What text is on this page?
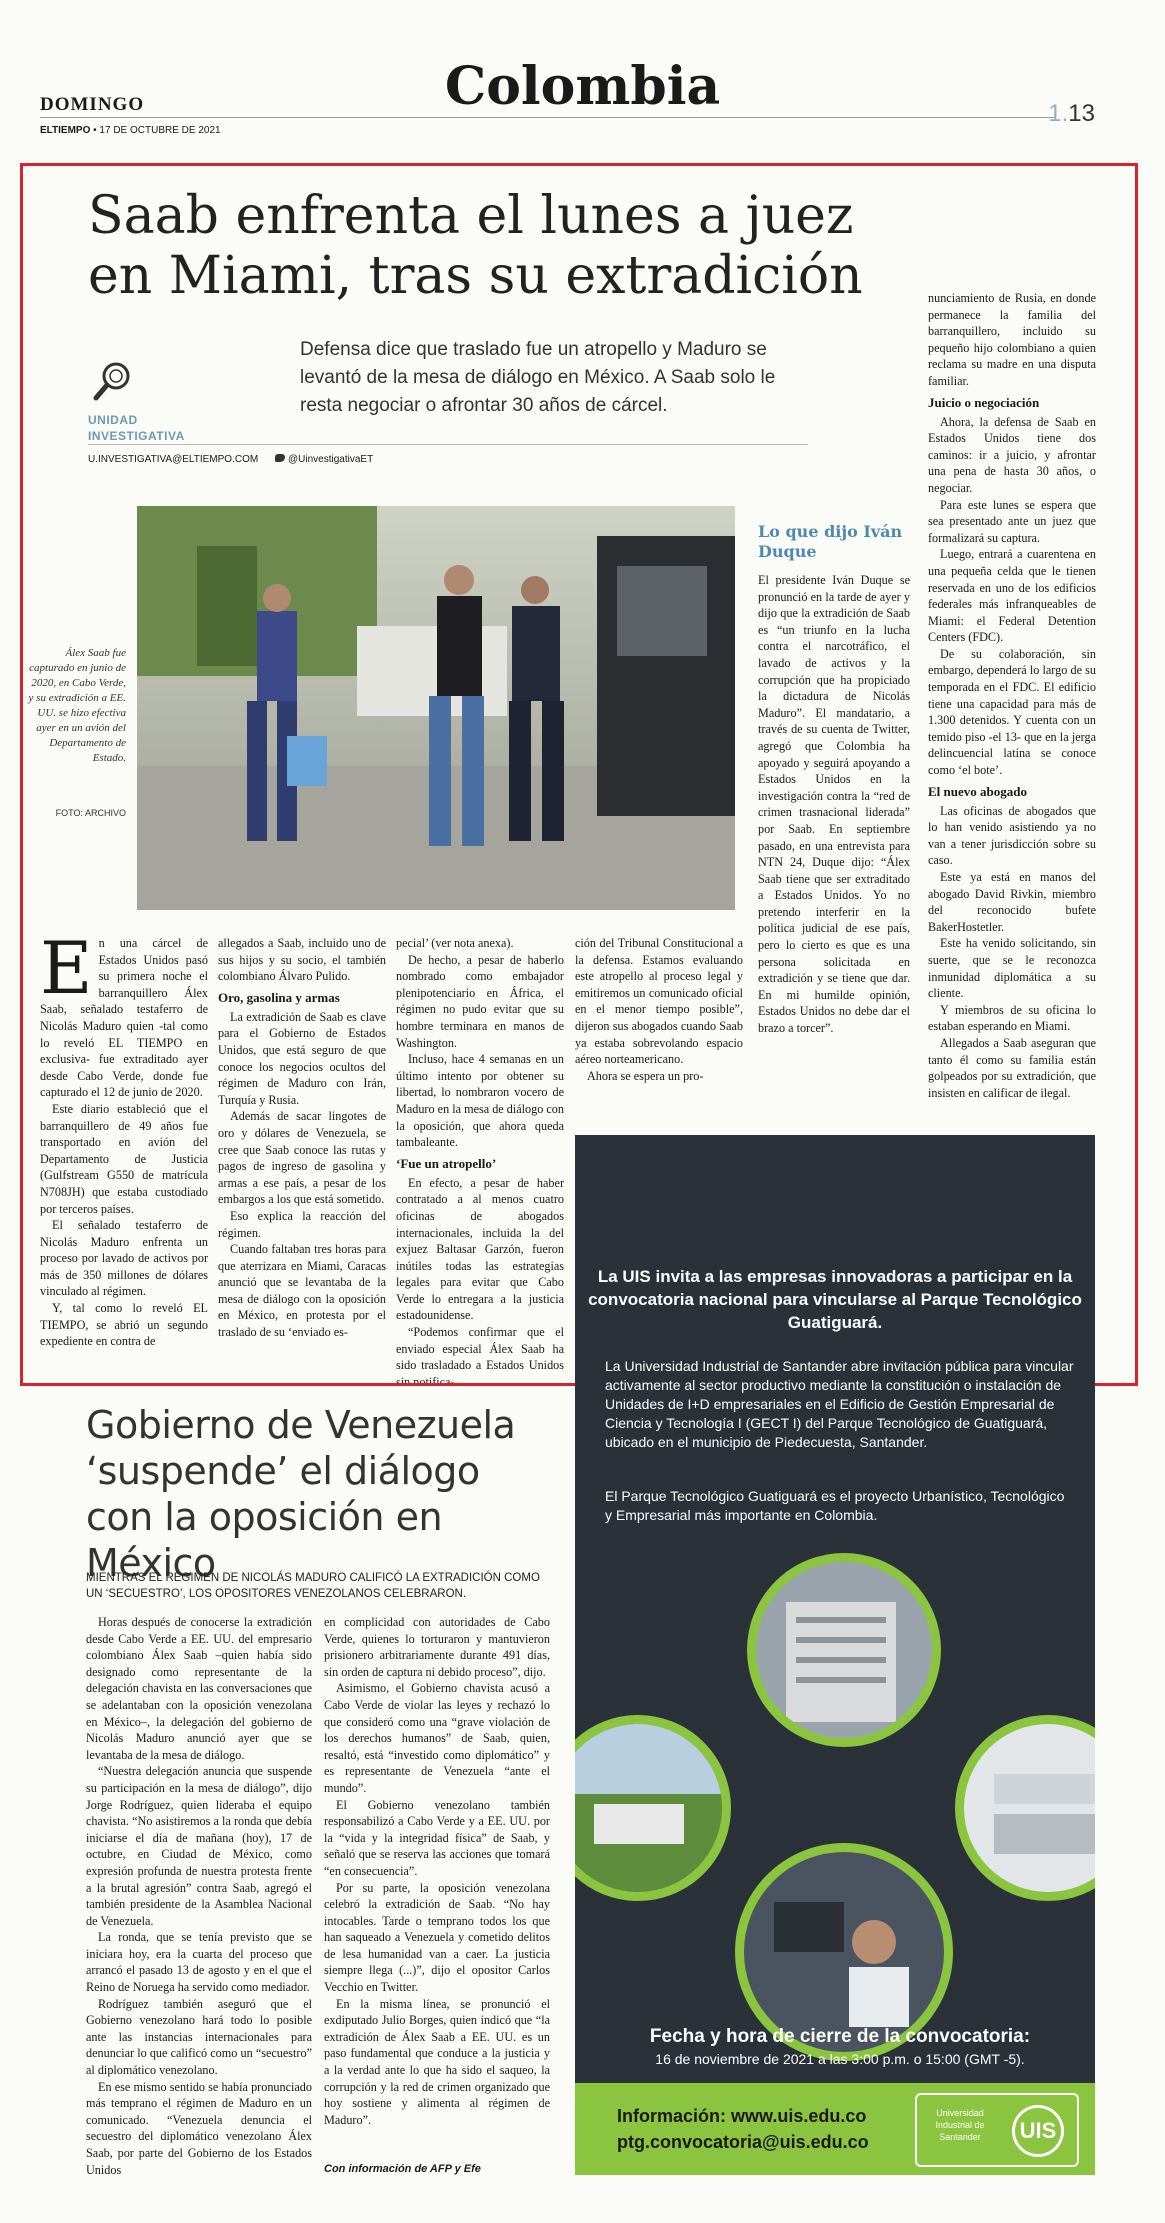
Colombia
DOMINGO	1.13
ELTIEMPO • 17 DE OCTUBRE DE 2021
Saab enfrenta el lunes a juez en Miami, tras su extradición
Defensa dice que traslado fue un atropello y Maduro se levantó de la mesa de diálogo en México. A Saab solo le resta negociar o afrontar 30 años de cárcel.
UNIDAD INVESTIGATIVA
U.INVESTIGATIVA@ELTIEMPO.COM	@UinvestigativaET
Álex Saab fue capturado en junio de 2020, en Cabo Verde, y su extradición a EE. UU. se hizo efectiva ayer en un avión del Departamento de Estado.
FOTO: ARCHIVO
Lo que dijo Iván Duque
El presidente Iván Duque se pronunció en la tarde de ayer y dijo que la extradición de Saab es “un triunfo en la lucha contra el narcotráfico, el lavado de activos y la corrupción que ha propiciado la dictadura de Nicolás Maduro”. El mandatario, a través de su cuenta de Twitter, agregó que Colombia ha apoyado y seguirá apoyando a Estados Unidos en la investigación contra la “red de crimen trasnacional liderada” por Saab. En septiembre pasado, en una entrevista para NTN 24, Duque dijo: “Álex Saab tiene que ser extraditado a Estados Unidos. Yo no pretendo interferir en la política judicial de ese país, pero lo cierto es que es una persona solicitada en extradición y se tiene que dar. En mi humilde opinión, Estados Unidos no debe dar el brazo a torcer”.
E n una cárcel de Estados Unidos pasó su primera noche el barranquillero Álex Saab, señalado testaferro de Nicolás Maduro quien -tal como lo reveló EL TIEMPO en exclusiva- fue extraditado ayer desde Cabo Verde, donde fue capturado el 12 de junio de 2020.

Este diario estableció que el barranquillero de 49 años fue transportado en avión del Departamento de Justicia (Gulfstream G550 de matrícula N708JH) que estaba custodiado por terceros países.

El señalado testaferro de Nicolás Maduro enfrenta un proceso por lavado de activos por más de 350 millones de dólares vinculado al régimen.

Y, tal como lo reveló EL TIEMPO, se abrió un segundo expediente en contra de

allegados a Saab, incluido uno de sus hijos y su socio, el también colombiano Álvaro Pulido.

Oro, gasolina y armas

La extradición de Saab es clave para el Gobierno de Estados Unidos, que está seguro de que conoce los negocios ocultos del régimen de Maduro con Irán, Turquía y Rusia.

Además de sacar lingotes de oro y dólares de Venezuela, se cree que Saab conoce las rutas y pagos de ingreso de gasolina y armas a ese país, a pesar de los embargos a los que está sometido.

Eso explica la reacción del régimen.

Cuando faltaban tres horas para que aterrizara en Miami, Caracas anunció que se levantaba de la mesa de diálogo con la oposición en México, en protesta por el traslado de su ‘enviado es-

pecial’ (ver nota anexa).

De hecho, a pesar de haberlo nombrado como embajador plenipotenciario en África, el régimen no pudo evitar que su hombre terminara en manos de Washington.

Incluso, hace 4 semanas en un último intento por obtener su libertad, lo nombraron vocero de Maduro en la mesa de diálogo con la oposición, que ahora queda tambaleante.

‘Fue un atropello’

En efecto, a pesar de haber contratado a al menos cuatro oficinas de abogados internacionales, incluida la del exjuez Baltasar Garzón, fueron inútiles todas las estrategias legales para evitar que Cabo Verde lo entregara a la justicia estadounidense.

“Podemos confirmar que el enviado especial Álex Saab ha sido trasladado a Estados Unidos sin notifica-

ción del Tribunal Constitucional a la defensa. Estamos evaluando este atropello al proceso legal y emitiremos un comunicado oficial en el menor tiempo posible”, dijeron sus abogados cuando Saab ya estaba sobrevolando espacio aéreo norteamericano.

Ahora se espera un pro-

nunciamiento de Rusia, en donde permanece la familia del barranquillero, incluido su pequeño hijo colombiano a quien reclama su madre en una disputa familiar.

Juicio o negociación

Ahora, la defensa de Saab en Estados Unidos tiene dos caminos: ir a juicio, y afrontar una pena de hasta 30 años, o negociar.

Para este lunes se espera que sea presentado ante un juez que formalizará su captura.

Luego, entrará a cuarentena en una pequeña celda que le tienen reservada en uno de los edificios federales más infranqueables de Miami: el Federal Detention Centers (FDC).

De su colaboración, sin embargo, dependerá lo largo de su temporada en el FDC. El edificio tiene una capacidad para más de 1.300 detenidos. Y cuenta con un temido piso -el 13- que en la jerga delincuencial latina se conoce como ‘el bote’.

El nuevo abogado

Las oficinas de abogados que lo han venido asistiendo ya no van a tener jurisdicción sobre su caso.

Este ya está en manos del abogado David Rivkin, miembro del reconocido bufete BakerHostetler.

Este ha venido solicitando, sin suerte, que se le reconozca inmunidad diplomática a su cliente.

Y miembros de su oficina lo estaban esperando en Miami.

Allegados a Saab aseguran que tanto él como su familia están golpeados por su extradición, que insisten en calificar de ilegal.

Gobierno de Venezuela ‘suspende’ el diálogo con la oposición en México
MIENTRAS EL RÉGIMEN DE NICOLÁS MADURO CALIFICÓ LA EXTRADICIÓN COMO UN ‘SECUESTRO’, LOS OPOSITORES VENEZOLANOS CELEBRARON.

Horas después de conocerse la extradición desde Cabo Verde a EE. UU. del empresario colombiano Álex Saab –quien había sido designado como representante de la delegación chavista en las conversaciones que se adelantaban con la oposición venezolana en México–, la delegación del gobierno de Nicolás Maduro anunció ayer que se levantaba de la mesa de diálogo.

“Nuestra delegación anuncia que suspende su participación en la mesa de diálogo”, dijo Jorge Rodríguez, quien lideraba el equipo chavista. “No asistiremos a la ronda que debía iniciarse el día de mañana (hoy), 17 de octubre, en Ciudad de México, como expresión profunda de nuestra protesta frente a la brutal agresión” contra Saab, agregó el también presidente de la Asamblea Nacional de Venezuela.

La ronda, que se tenía previsto que se iniciara hoy, era la cuarta del proceso que arrancó el pasado 13 de agosto y en el que el Reino de Noruega ha servido como mediador.

Rodríguez también aseguró que el Gobierno venezolano hará todo lo posible ante las instancias internacionales para denunciar lo que calificó como un “secuestro” al diplomático venezolano.

En ese mismo sentido se había pronunciado más temprano el régimen de Maduro en un comunicado. “Venezuela denuncia el secuestro del diplomático venezolano Álex Saab, por parte del Gobierno de los Estados Unidos

en complicidad con autoridades de Cabo Verde, quienes lo torturaron y mantuvieron prisionero arbitrariamente durante 491 días, sin orden de captura ni debido proceso”, dijo.

Asimismo, el Gobierno chavista acusó a Cabo Verde de violar las leyes y rechazó lo que consideró como una “grave violación de los derechos humanos” de Saab, quien, resaltó, está “investido como diplomático” y es representante de Venezuela “ante el mundo”.

El Gobierno venezolano también responsabilizó a Cabo Verde y a EE. UU. por la “vida y la integridad física” de Saab, y señaló que se reserva las acciones que tomará “en consecuencia”.

Por su parte, la oposición venezolana celebró la extradición de Saab. “No hay intocables. Tarde o temprano todos los que han saqueado a Venezuela y cometido delitos de lesa humanidad van a caer. La justicia siempre llega (...)”, dijo el opositor Carlos Vecchio en Twitter.

En la misma línea, se pronunció el exdiputado Julio Borges, quien indicó que “la extradición de Álex Saab a EE. UU. es un paso fundamental que conduce a la justicia y a la verdad ante lo que ha sido el saqueo, la corrupción y la red de crimen organizado que hoy sostiene y alimenta al régimen de Maduro”.

Con información de AFP y Efe
La UIS invita a las empresas innovadoras a participar en la convocatoria nacional para vincularse al Parque Tecnológico Guatiguará.
La Universidad Industrial de Santander abre invitación pública para vincular activamente al sector productivo mediante la constitución o instalación de Unidades de I+D empresariales en el Edificio de Gestión Empresarial de Ciencia y Tecnología I (GECT I) del Parque Tecnológico de Guatiguará, ubicado en el municipio de Piedecuesta, Santander.
El Parque Tecnológico Guatiguará es el proyecto Urbanístico, Tecnológico y Empresarial más importante en Colombia.
Fecha y hora de cierre de la convocatoria:
16 de noviembre de 2021 a las 3:00 p.m. o 15:00 (GMT -5).
Información: www.uis.edu.co
ptg.convocatoria@uis.edu.co
Universidad Industrial de Santander	UIS
